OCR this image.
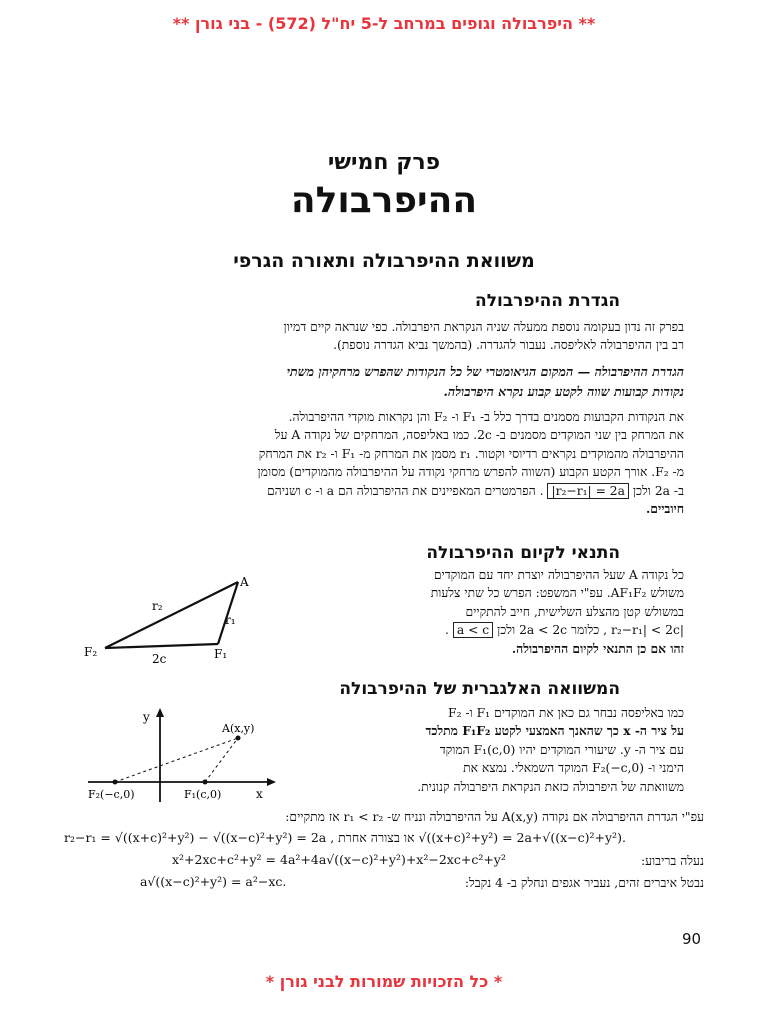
** היפרבולה וגופים במרחב ל-5 יח"ל (572) - בני גורן **
פרק חמישי
ההיפרבולה
משוואת ההיפרבולה ותאורה הגרפי
הגדרת ההיפרבולה
בפרק זה נדון בעקומה נוספת ממעלה שניה הנקראת היפרבולה. כפי שנראה קיים דמיון
רב בין ההיפרבולה לאליפסה. נעבור להגדרה. (בהמשך נביא הגדרה נוספת).
הגדרת ההיפרבולה — המקום הגיאומטרי של כל הנקודות שהפרש מרחקיהן משתי
נקודות קבועות שווה לקטע קבוע נקרא היפרבולה.
את הנקודות הקבועות מסמנים בדרך כלל ב- F₁ ו- F₂ והן נקראות מוקדי ההיפרבולה.
את המרחק בין שני המוקדים מסמנים ב- 2c. כמו באליפסה, המרחקים של נקודה A על
ההיפרבולה מהמוקדים נקראים רדיוסי וקטור. r₁ מסמן את המרחק מ- F₁ ו- r₂ את המרחק
מ- F₂. אורך הקטע הקבוע (השווה להפרש מרחקי נקודה על ההיפרבולה מהמוקדים) מסומן
ב- 2a ולכן |r₂−r₁| = 2a . הפרמטרים המאפיינים את ההיפרבולה הם a ו- c ושניהם
חיוביים.
התנאי לקיום ההיפרבולה
כל נקודה A שעל ההיפרבולה יוצרת יחד עם המוקדים
משולש AF₁F₂. עפ"י המשפט: הפרש כל שתי צלעות
במשולש קטן מהצלע השלישית, חייב להתקיים
|r₂−r₁| < 2c , כלומר 2a < 2c ולכן a < c .
זהו אם כן התנאי לקיום ההיפרבולה.
A
r₂
r₁
F₂	F₁
2c
המשוואה האלגברית של ההיפרבולה
כמו באליפסה נבחר גם כאן את המוקדים F₁ ו- F₂
על ציר ה- x כך שהאנך האמצעי לקטע F₁F₂ מתלכד
עם ציר ה- y. שיעורי המוקדים יהיו F₁(c,0) המוקד
הימני ו- F₂(−c,0) המוקד השמאלי. נמצא את
משוואתה של היפרבולה כזאת הנקראת היפרבולה קנונית.
y
x
A(x,y)
F₂(−c,0)	F₁(c,0)
עפ"י הגדרת ההיפרבולה אם נקודה A(x,y) על ההיפרבולה ונניח ש- r₁ < r₂ אז מתקיים:
r₂−r₁ = √((x+c)²+y²) − √((x−c)²+y²) = 2a , או בצורה אחרת √((x+c)²+y²) = 2a+√((x−c)²+y²).
נעלה בריבוע:
x²+2xc+c²+y² = 4a²+4a√((x−c)²+y²)+x²−2xc+c²+y²
נבטל איברים זהים, נעביר אגפים ונחלק ב- 4 נקבל:
a√((x−c)²+y²) = a²−xc.
90
* כל הזכויות שמורות לבני גורן *
